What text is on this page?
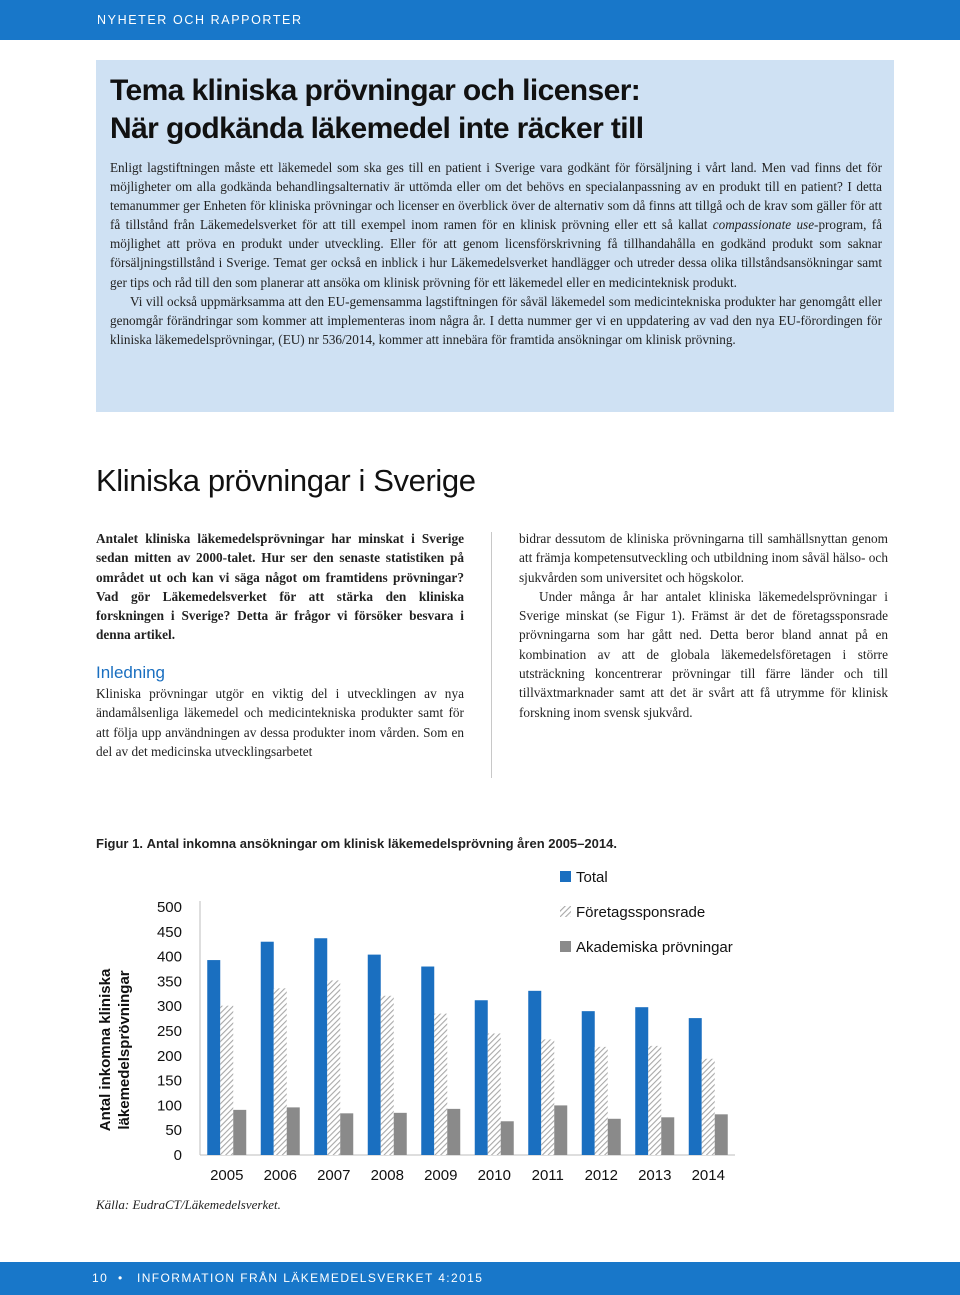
NYHETER OCH RAPPORTER
Tema kliniska prövningar och licenser:
När godkända läkemedel inte räcker till

Enligt lagstiftningen måste ett läkemedel som ska ges till en patient i Sverige vara godkänt för försäljning i vårt land. Men vad finns det för möjligheter om alla godkända behandlingsalternativ är uttömda eller om det behövs en specialanpassning av en produkt till en patient? I detta temanummer ger Enheten för kliniska prövningar och licenser en överblick över de alternativ som då finns att tillgå och de krav som gäller för att få tillstånd från Läkemedelsverket för att till exempel inom ramen för en klinisk prövning eller ett så kallat compassionate use-program, få möjlighet att pröva en produkt under utveckling. Eller för att genom licensförskrivning få tillhandahålla en godkänd produkt som saknar försäljningstillstånd i Sverige. Temat ger också en inblick i hur Läkemedelsverket handlägger och utreder dessa olika tillståndsansökningar samt ger tips och råd till den som planerar att ansöka om klinisk prövning för ett läkemedel eller en medicinteknisk produkt.

Vi vill också uppmärksamma att den EU-gemensamma lagstiftningen för såväl läkemedel som medicintekniska produkter har genomgått eller genomgår förändringar som kommer att implementeras inom några år. I detta nummer ger vi en uppdatering av vad den nya EU-förordingen för kliniska läkemedelsprövningar, (EU) nr 536/2014, kommer att innebära för framtida ansökningar om klinisk prövning.

Kliniska prövningar i Sverige

Antalet kliniska läkemedelsprövningar har minskat i Sverige sedan mitten av 2000-talet. Hur ser den senaste statistiken på området ut och kan vi säga något om framtidens prövningar? Vad gör Läkemedelsverket för att stärka den kliniska forskningen i Sverige? Detta är frågor vi försöker besvara i denna artikel.

Inledning

Kliniska prövningar utgör en viktig del i utvecklingen av nya ändamålsenliga läkemedel och medicintekniska produkter samt för att följa upp användningen av dessa produkter inom vården. Som en del av det medicinska utvecklingsarbetet

bidrar dessutom de kliniska prövningarna till samhällsnyttan genom att främja kompetensutveckling och utbildning inom såväl hälso- och sjukvården som universitet och högskolor.

Under många år har antalet kliniska läkemedelsprövningar i Sverige minskat (se Figur 1). Främst är det de företagssponsrade prövningarna som har gått ned. Detta beror bland annat på en kombination av att de globala läkemedelsföretagen i större utsträckning koncentrerar prövningar till färre länder och till tillväxtmarknader samt att det är svårt att få utrymme för klinisk forskning inom svensk sjukvård.

Figur 1. Antal inkomna ansökningar om klinisk läkemedelsprövning åren 2005–2014.
0
50
100
150
200
250
300
350
400
450
500
2005 2006 2007 2008 2009 2010 2011 2012 2013 2014
Total
Företagssponsrade
Akademiska prövningar
Antal inkomna kliniska läkemedelsprövningar
Källa: EudraCT/Läkemedelsverket.
10 • INFORMATION FRÅN LÄKEMEDELSVERKET 4:2015
